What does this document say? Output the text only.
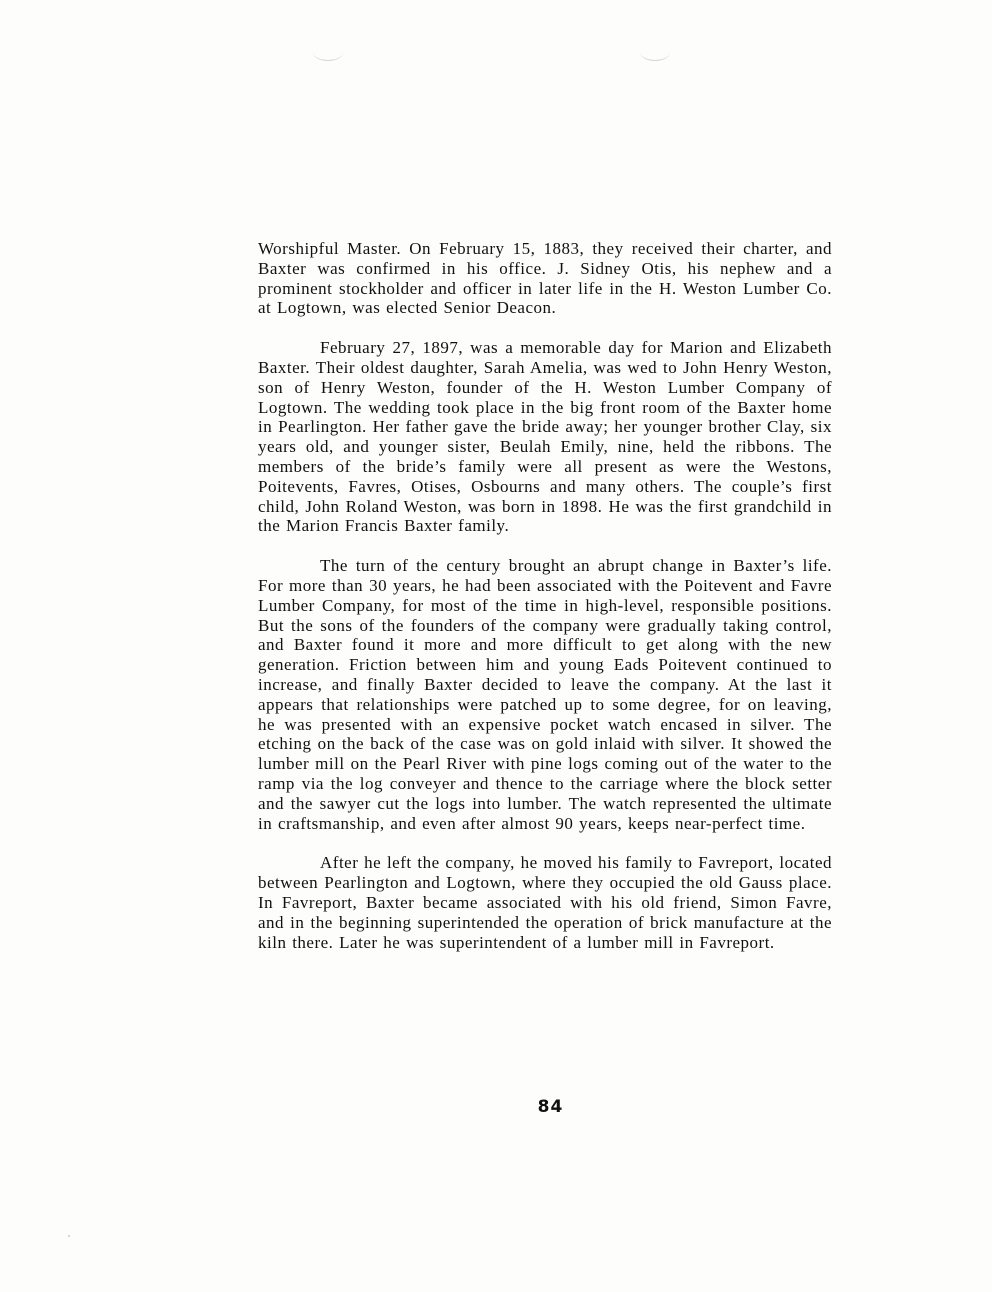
Worshipful Master. On February 15, 1883, they received their charter, and Baxter was confirmed in his office. J. Sidney Otis, his nephew and a prominent stockholder and officer in later life in the H. Weston Lumber Co. at Logtown, was elected Senior Deacon.

February 27, 1897, was a memorable day for Marion and Elizabeth Baxter. Their oldest daughter, Sarah Amelia, was wed to John Henry Weston, son of Henry Weston, founder of the H. Weston Lumber Company of Logtown. The wedding took place in the big front room of the Baxter home in Pearlington. Her father gave the bride away; her younger brother Clay, six years old, and younger sister, Beulah Emily, nine, held the ribbons. The members of the bride’s family were all present as were the Westons, Poitevents, Favres, Otises, Osbourns and many others. The couple’s first child, John Roland Weston, was born in 1898. He was the first grandchild in the Marion Francis Baxter family.

The turn of the century brought an abrupt change in Baxter’s life. For more than 30 years, he had been associated with the Poitevent and Favre Lumber Company, for most of the time in high-level, responsible positions. But the sons of the founders of the company were gradually taking control, and Baxter found it more and more difficult to get along with the new generation. Friction between him and young Eads Poitevent continued to increase, and finally Baxter decided to leave the company. At the last it appears that relationships were patched up to some degree, for on leaving, he was presented with an expensive pocket watch encased in silver. The etching on the back of the case was on gold inlaid with silver. It showed the lumber mill on the Pearl River with pine logs coming out of the water to the ramp via the log conveyer and thence to the carriage where the block setter and the sawyer cut the logs into lumber. The watch represented the ultimate in craftsmanship, and even after almost 90 years, keeps near-perfect time.

After he left the company, he moved his family to Favreport, located between Pearlington and Logtown, where they occupied the old Gauss place. In Favreport, Baxter became associated with his old friend, Simon Favre, and in the beginning superintended the operation of brick manufacture at the kiln there. Later he was superintendent of a lumber mill in Favreport.

84
